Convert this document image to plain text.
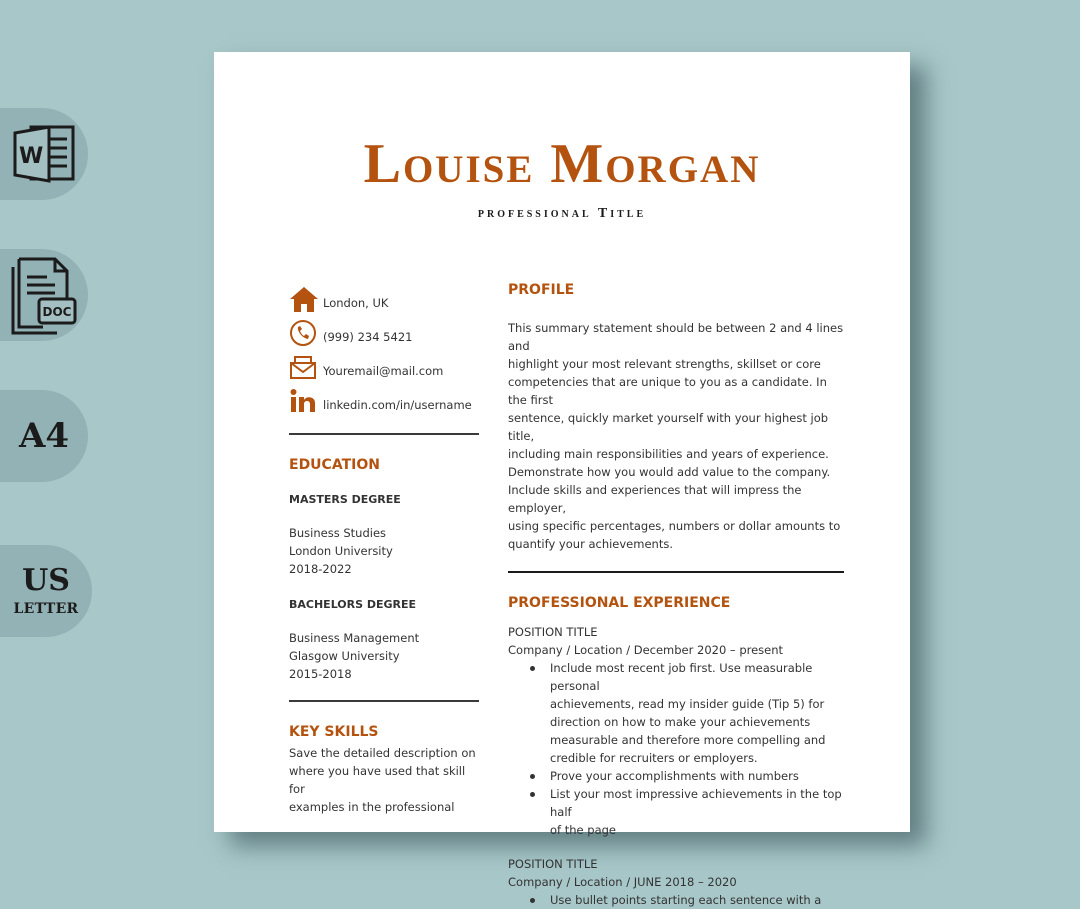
W
DOC
A4
US
LETTER
Louise Morgan
professional Title
London, UK
(999) 234 5421
Youremail@mail.com
linkedin.com/in/username
EDUCATION
MASTERS DEGREE
Business Studies
London University
2018-2022
BACHELORS DEGREE
Business Management
Glasgow University
2015-2018
KEY SKILLS
Save the detailed description on
where you have used that skill for
examples in the professional
PROFILE
This summary statement should be between 2 and 4 lines and
highlight your most relevant strengths, skillset or core
competencies that are unique to you as a candidate. In the first
sentence, quickly market yourself with your highest job title,
including main responsibilities and years of experience.
Demonstrate how you would add value to the company.
Include skills and experiences that will impress the employer,
using specific percentages, numbers or dollar amounts to
quantify your achievements.
PROFESSIONAL EXPERIENCE
POSITION TITLE
Company / Location / December 2020 – present
Include most recent job first. Use measurable personal
achievements, read my insider guide (Tip 5) for
direction on how to make your achievements
measurable and therefore more compelling and
credible for recruiters or employers.
Prove your accomplishments with numbers
List your most impressive achievements in the top half
of the page
POSITION TITLE
Company / Location / JUNE 2018 – 2020
Use bullet points starting each sentence with a
